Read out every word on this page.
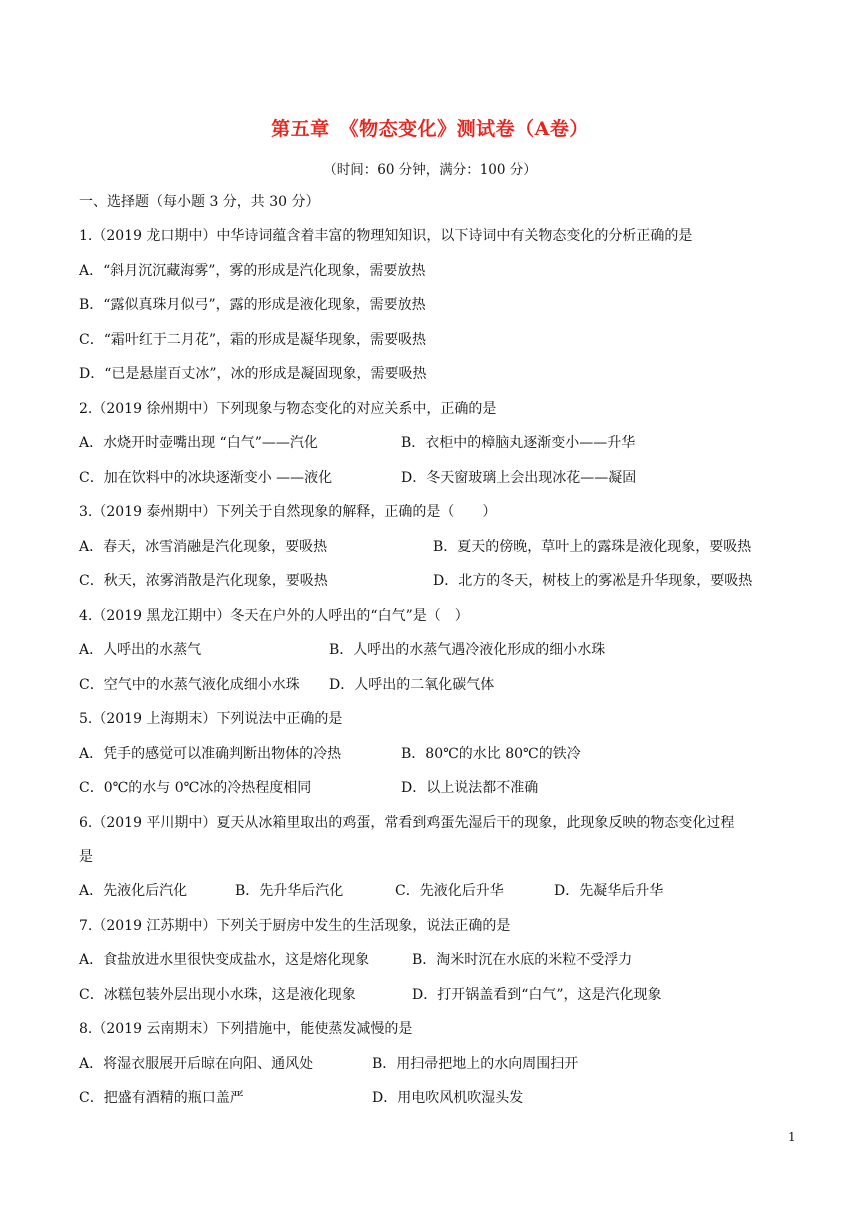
第五章　《物态变化》测试卷（A卷）
（时间：60 分钟，满分：100 分）
一、选择题（每小题 3 分，共 30 分）
1.（2019 龙口期中）中华诗词蕴含着丰富的物理知知识，以下诗词中有关物态变化的分析正确的是
A．“斜月沉沉藏海雾”，雾的形成是汽化现象，需要放热
B．“露似真珠月似弓”，露的形成是液化现象，需要放热
C．“霜叶红于二月花”，霜的形成是凝华现象，需要吸热
D．“已是悬崖百丈冰”，冰的形成是凝固现象，需要吸热
2.（2019 徐州期中）下列现象与物态变化的对应关系中，正确的是
A．水烧开时壶嘴出现 “白气”——汽化	B．衣柜中的樟脑丸逐渐变小——升华
C．加在饮料中的冰块逐渐变小 ——液化	D．冬天窗玻璃上会出现冰花——凝固
3.（2019 泰州期中）下列关于自然现象的解释，正确的是（　　）
A．春天，冰雪消融是汽化现象，要吸热	B．夏天的傍晚，草叶上的露珠是液化现象，要吸热
C．秋天，浓雾消散是汽化现象，要吸热	D．北方的冬天，树枝上的雾凇是升华现象，要吸热
4.（2019 黑龙江期中）冬天在户外的人呼出的“白气”是（　）
A．人呼出的水蒸气	B．人呼出的水蒸气遇冷液化形成的细小水珠
C．空气中的水蒸气液化成细小水珠 D．人呼出的二氧化碳气体
5.（2019 上海期末）下列说法中正确的是
A．凭手的感觉可以准确判断出物体的冷热	B．80℃的水比 80℃的铁冷
C．0℃的水与 0℃冰的冷热程度相同	D．以上说法都不准确
6.（2019 平川期中）夏天从冰箱里取出的鸡蛋，常看到鸡蛋先湿后干的现象，此现象反映的物态变化过程
是
A．先液化后汽化	B．先升华后汽化	C．先液化后升华	D．先凝华后升华
7.（2019 江苏期中）下列关于厨房中发生的生活现象，说法正确的是
A．食盐放进水里很快变成盐水，这是熔化现象	B．淘米时沉在水底的米粒不受浮力
C．冰糕包装外层出现小水珠，这是液化现象	D．打开锅盖看到“白气”，这是汽化现象
8.（2019 云南期末）下列措施中，能使蒸发减慢的是
A．将湿衣服展开后晾在向阳、通风处	B．用扫帚把地上的水向周围扫开
C．把盛有酒精的瓶口盖严	D．用电吹风机吹湿头发
1
